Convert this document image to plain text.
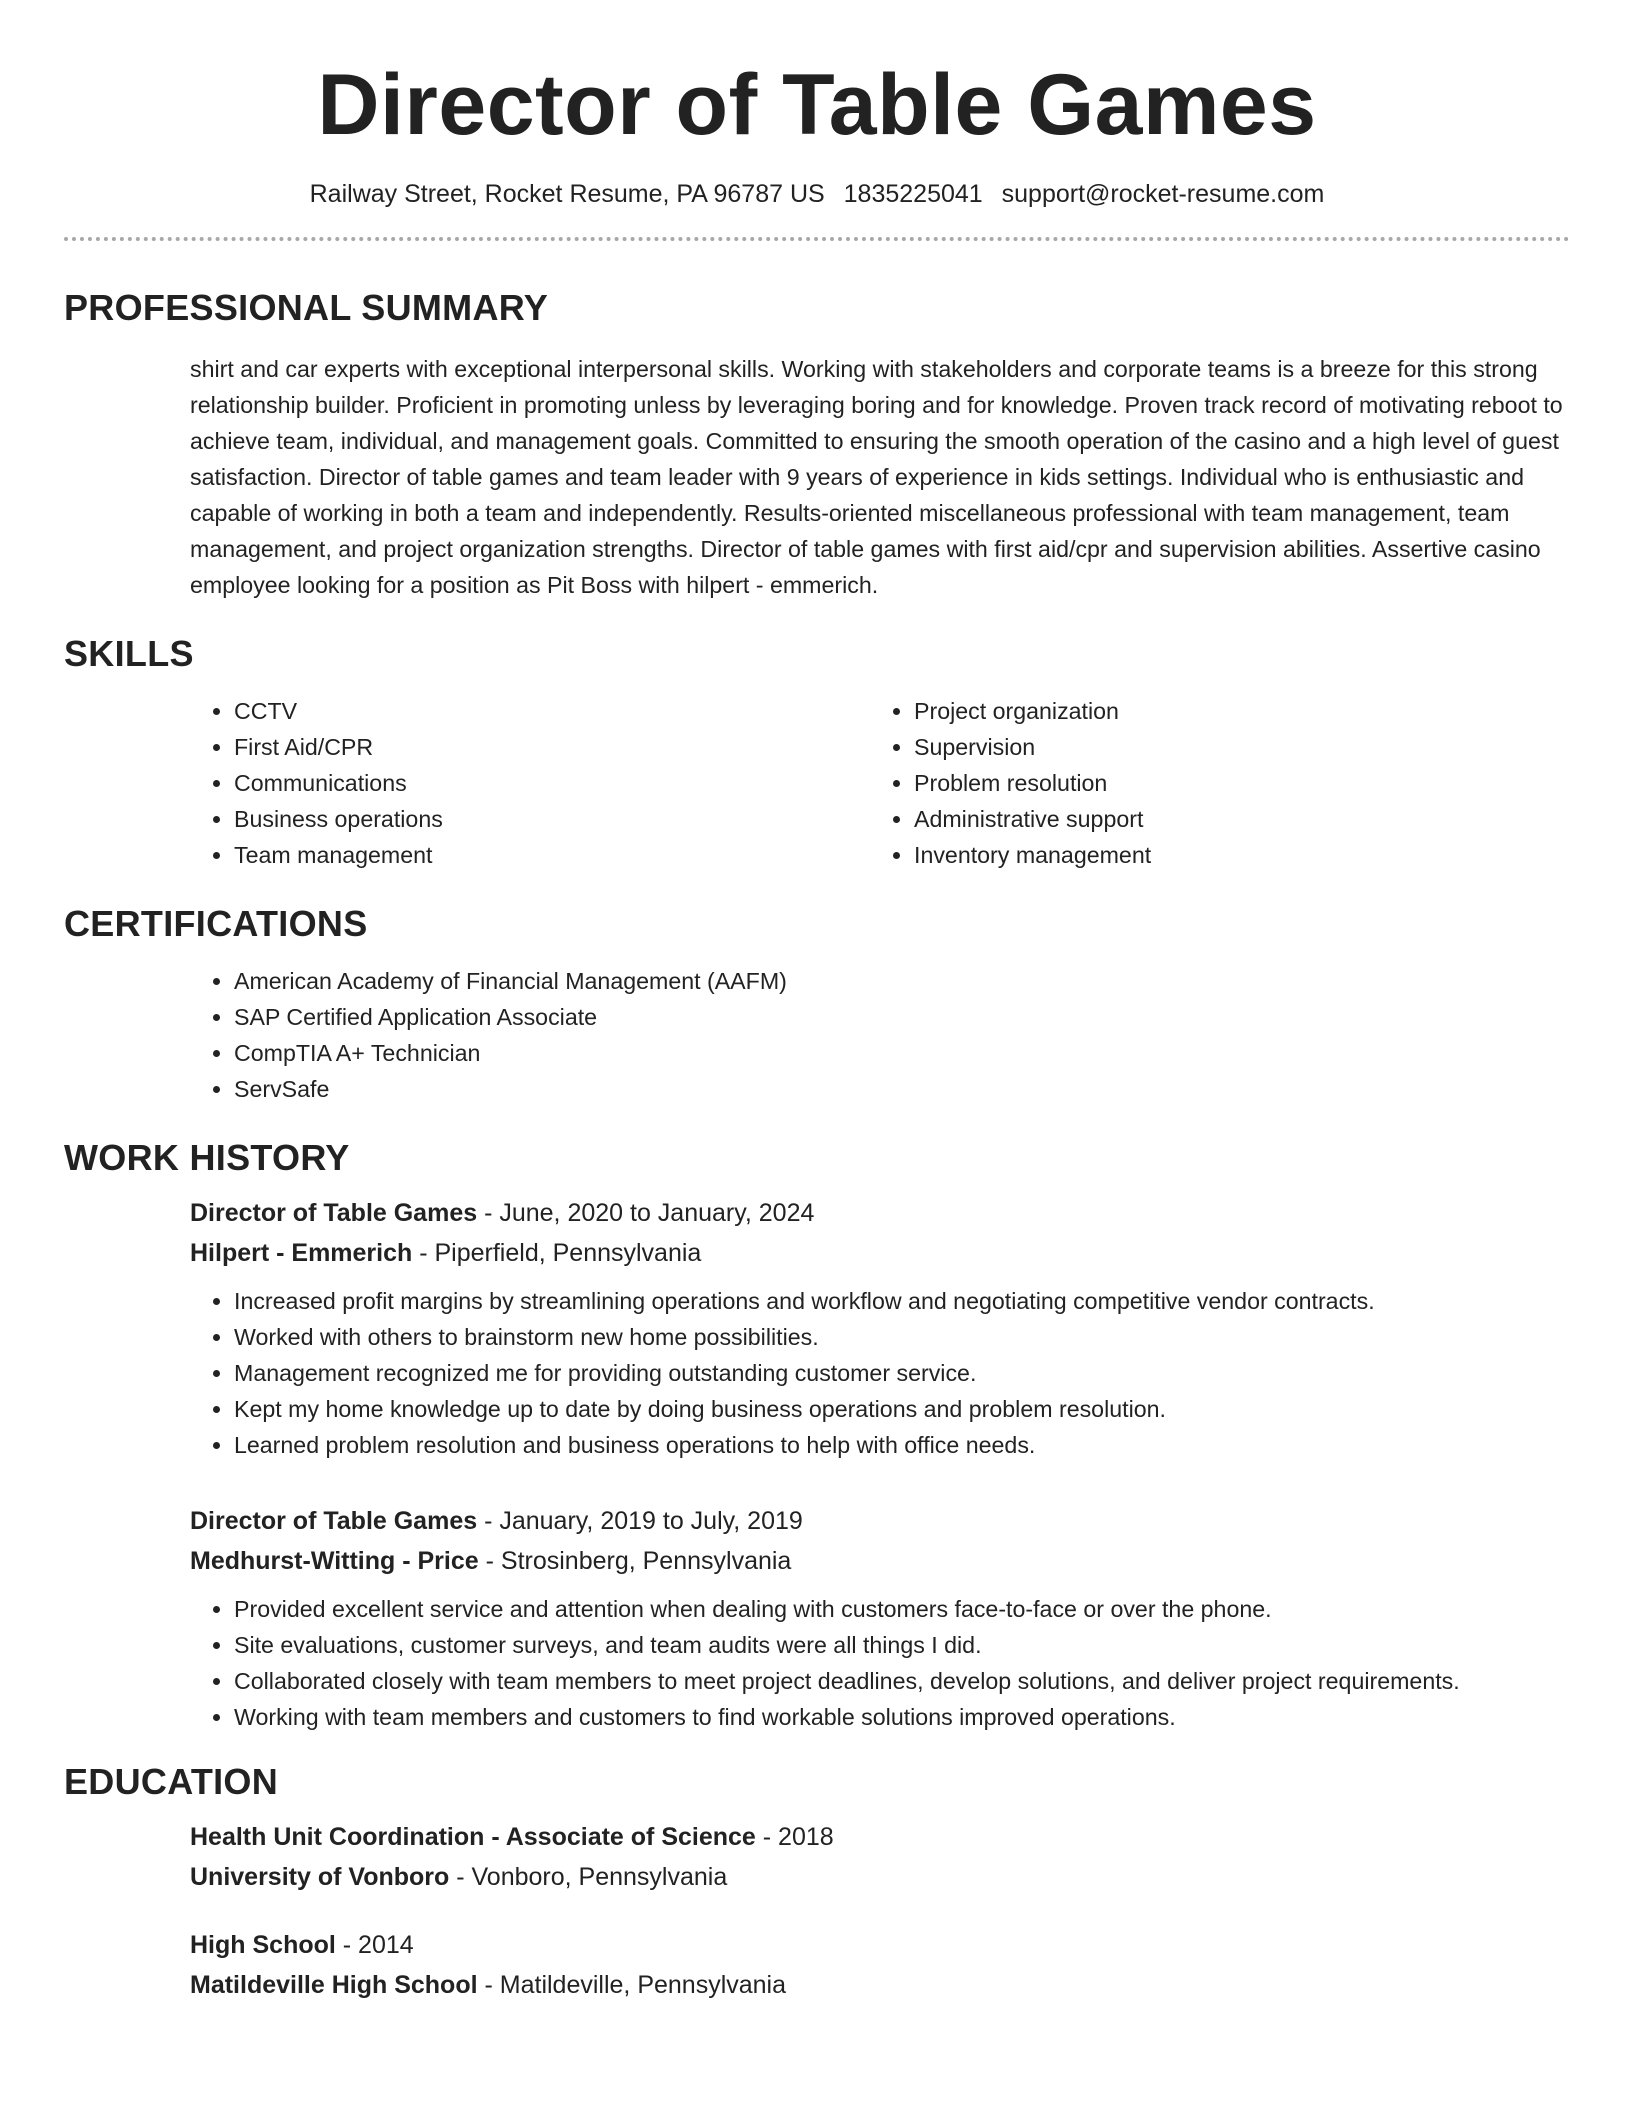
Director of Table Games
Railway Street, Rocket Resume, PA 96787 US 1835225041 support@rocket-resume.com
PROFESSIONAL SUMMARY

shirt and car experts with exceptional interpersonal skills. Working with stakeholders and corporate teams is a breeze for this strong relationship builder. Proficient in promoting unless by leveraging boring and for knowledge. Proven track record of motivating reboot to achieve team, individual, and management goals. Committed to ensuring the smooth operation of the casino and a high level of guest satisfaction. Director of table games and team leader with 9 years of experience in kids settings. Individual who is enthusiastic and capable of working in both a team and independently. Results-oriented miscellaneous professional with team management, team management, and project organization strengths. Director of table games with first aid/cpr and supervision abilities. Assertive casino employee looking for a position as Pit Boss with hilpert - emmerich.

SKILLS
• CCTV
• First Aid/CPR
• Communications
• Business operations
• Team management
• Project organization
• Supervision
• Problem resolution
• Administrative support
• Inventory management
CERTIFICATIONS
• American Academy of Financial Management (AAFM)
• SAP Certified Application Associate
• CompTIA A+ Technician
• ServSafe
WORK HISTORY
Director of Table Games - June, 2020 to January, 2024
Hilpert - Emmerich - Piperfield, Pennsylvania
• Increased profit margins by streamlining operations and workflow and negotiating competitive vendor contracts.
• Worked with others to brainstorm new home possibilities.
• Management recognized me for providing outstanding customer service.
• Kept my home knowledge up to date by doing business operations and problem resolution.
• Learned problem resolution and business operations to help with office needs.
Director of Table Games - January, 2019 to July, 2019
Medhurst-Witting - Price - Strosinberg, Pennsylvania
• Provided excellent service and attention when dealing with customers face-to-face or over the phone.
• Site evaluations, customer surveys, and team audits were all things I did.
• Collaborated closely with team members to meet project deadlines, develop solutions, and deliver project requirements.
• Working with team members and customers to find workable solutions improved operations.
EDUCATION
Health Unit Coordination - Associate of Science - 2018
University of Vonboro - Vonboro, Pennsylvania
High School - 2014
Matildeville High School - Matildeville, Pennsylvania
